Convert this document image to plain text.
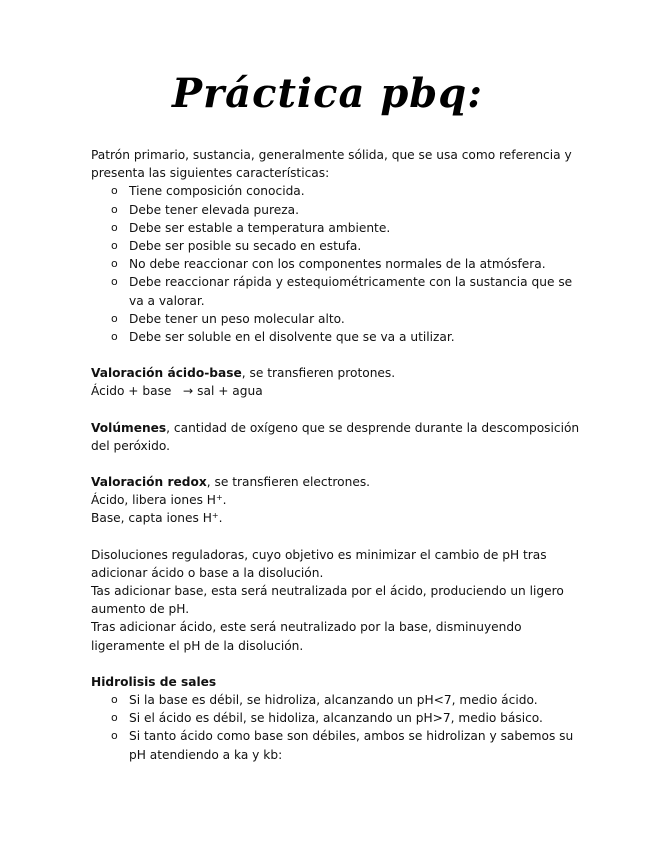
Práctica pbq:

Patrón primario, sustancia, generalmente sólida, que se usa como referencia y presenta las siguientes características:

o Tiene composición conocida.
o Debe tener elevada pureza.
o Debe ser estable a temperatura ambiente.
o Debe ser posible su secado en estufa.
o No debe reaccionar con los componentes normales de la atmósfera.
o Debe reaccionar rápida y estequiométricamente con la sustancia que se va a valorar.
o Debe tener un peso molecular alto.
o Debe ser soluble en el disolvente que se va a utilizar.

Valoración ácido-base, se transfieren protones.

Ácido + base   → sal + agua

Volúmenes, cantidad de oxígeno que se desprende durante la descomposición del peróxido.

Valoración redox, se transfieren electrones.

Ácido, libera iones H+.

Base, capta iones H+.

Disoluciones reguladoras, cuyo objetivo es minimizar el cambio de pH tras adicionar ácido o base a la disolución.

Tas adicionar base, esta será neutralizada por el ácido, produciendo un ligero aumento de pH.

Tras adicionar ácido, este será neutralizado por la base, disminuyendo ligeramente el pH de la disolución.

Hidrolisis de sales

o Si la base es débil, se hidroliza, alcanzando un pH<7, medio ácido.
o Si el ácido es débil, se hidoliza, alcanzando un pH>7, medio básico.
o Si tanto ácido como base son débiles, ambos se hidrolizan y sabemos su pH atendiendo a ka y kb:
